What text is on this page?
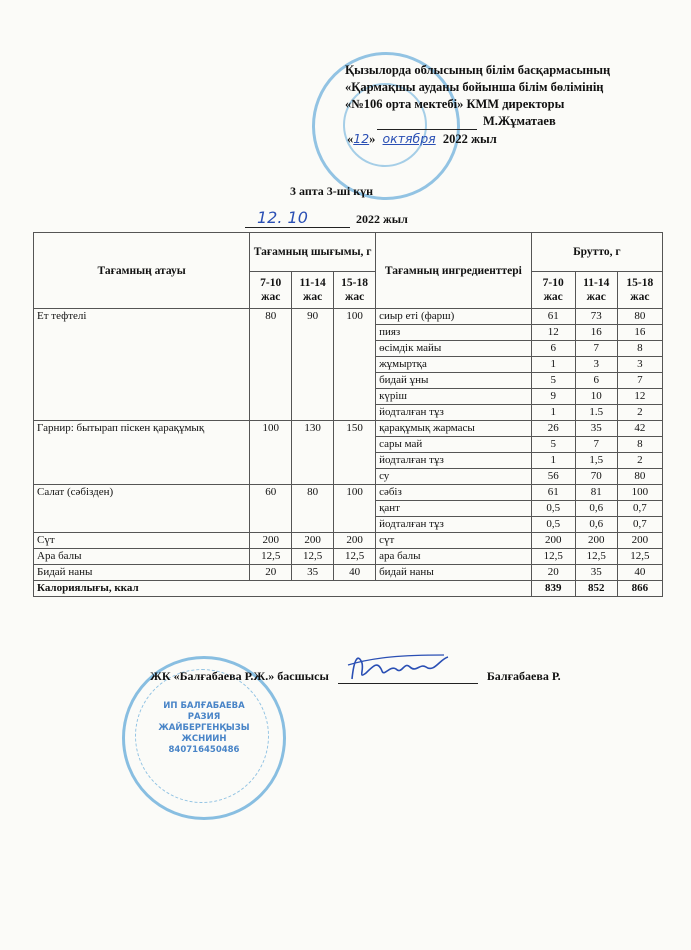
Қызылорда облысының білім басқармасының
«Қармақшы ауданы бойынша білім бөлімінің
«№106 орта мектебі» КММ директоры
М.Жұматаев
«12» октября 2022 жыл
3 апта 3-ші күн
12. 10	2022 жыл
Тағамның атауы	Тағамның шығымы, г			Тағамның ингредиенттері	Брутто, г		
	7-10 жас	11-14 жас	15-18 жас		7-10 жас	11-14 жас	15-18 жас
Ет тефтелі	80	90	100	сиыр еті (фарш)	61	73	80
				пияз	12	16	16
				өсімдік майы	6	7	8
				жұмыртқа	1	3	3
				бидай ұны	5	6	7
				күріш	9	10	12
				йодталған тұз	1	1.5	2
Гарнир: бытырап піскен қарақұмық	100	130	150	қарақұмық жармасы	26	35	42
				сары май	5	7	8
				йодталған тұз	1	1,5	2
				су	56	70	80
Салат (сәбізден)	60	80	100	сәбіз	61	81	100
				қант	0,5	0,6	0,7
				йодталған тұз	0,5	0,6	0,7
Сүт	200	200	200	сүт	200	200	200
Ара балы	12,5	12,5	12,5	ара балы	12,5	12,5	12,5
Бидай наны	20	35	40	бидай наны	20	35	40
Калориялығы, ккал					839	852	866
ИП БАЛҒАБАЕВА
РАЗИЯ
ЖАЙБЕРГЕНҚЫЗЫ
ЖСНИИН
840716450486
ЖК «Балғабаева Р.Ж.» басшысы	Балғабаева Р.
